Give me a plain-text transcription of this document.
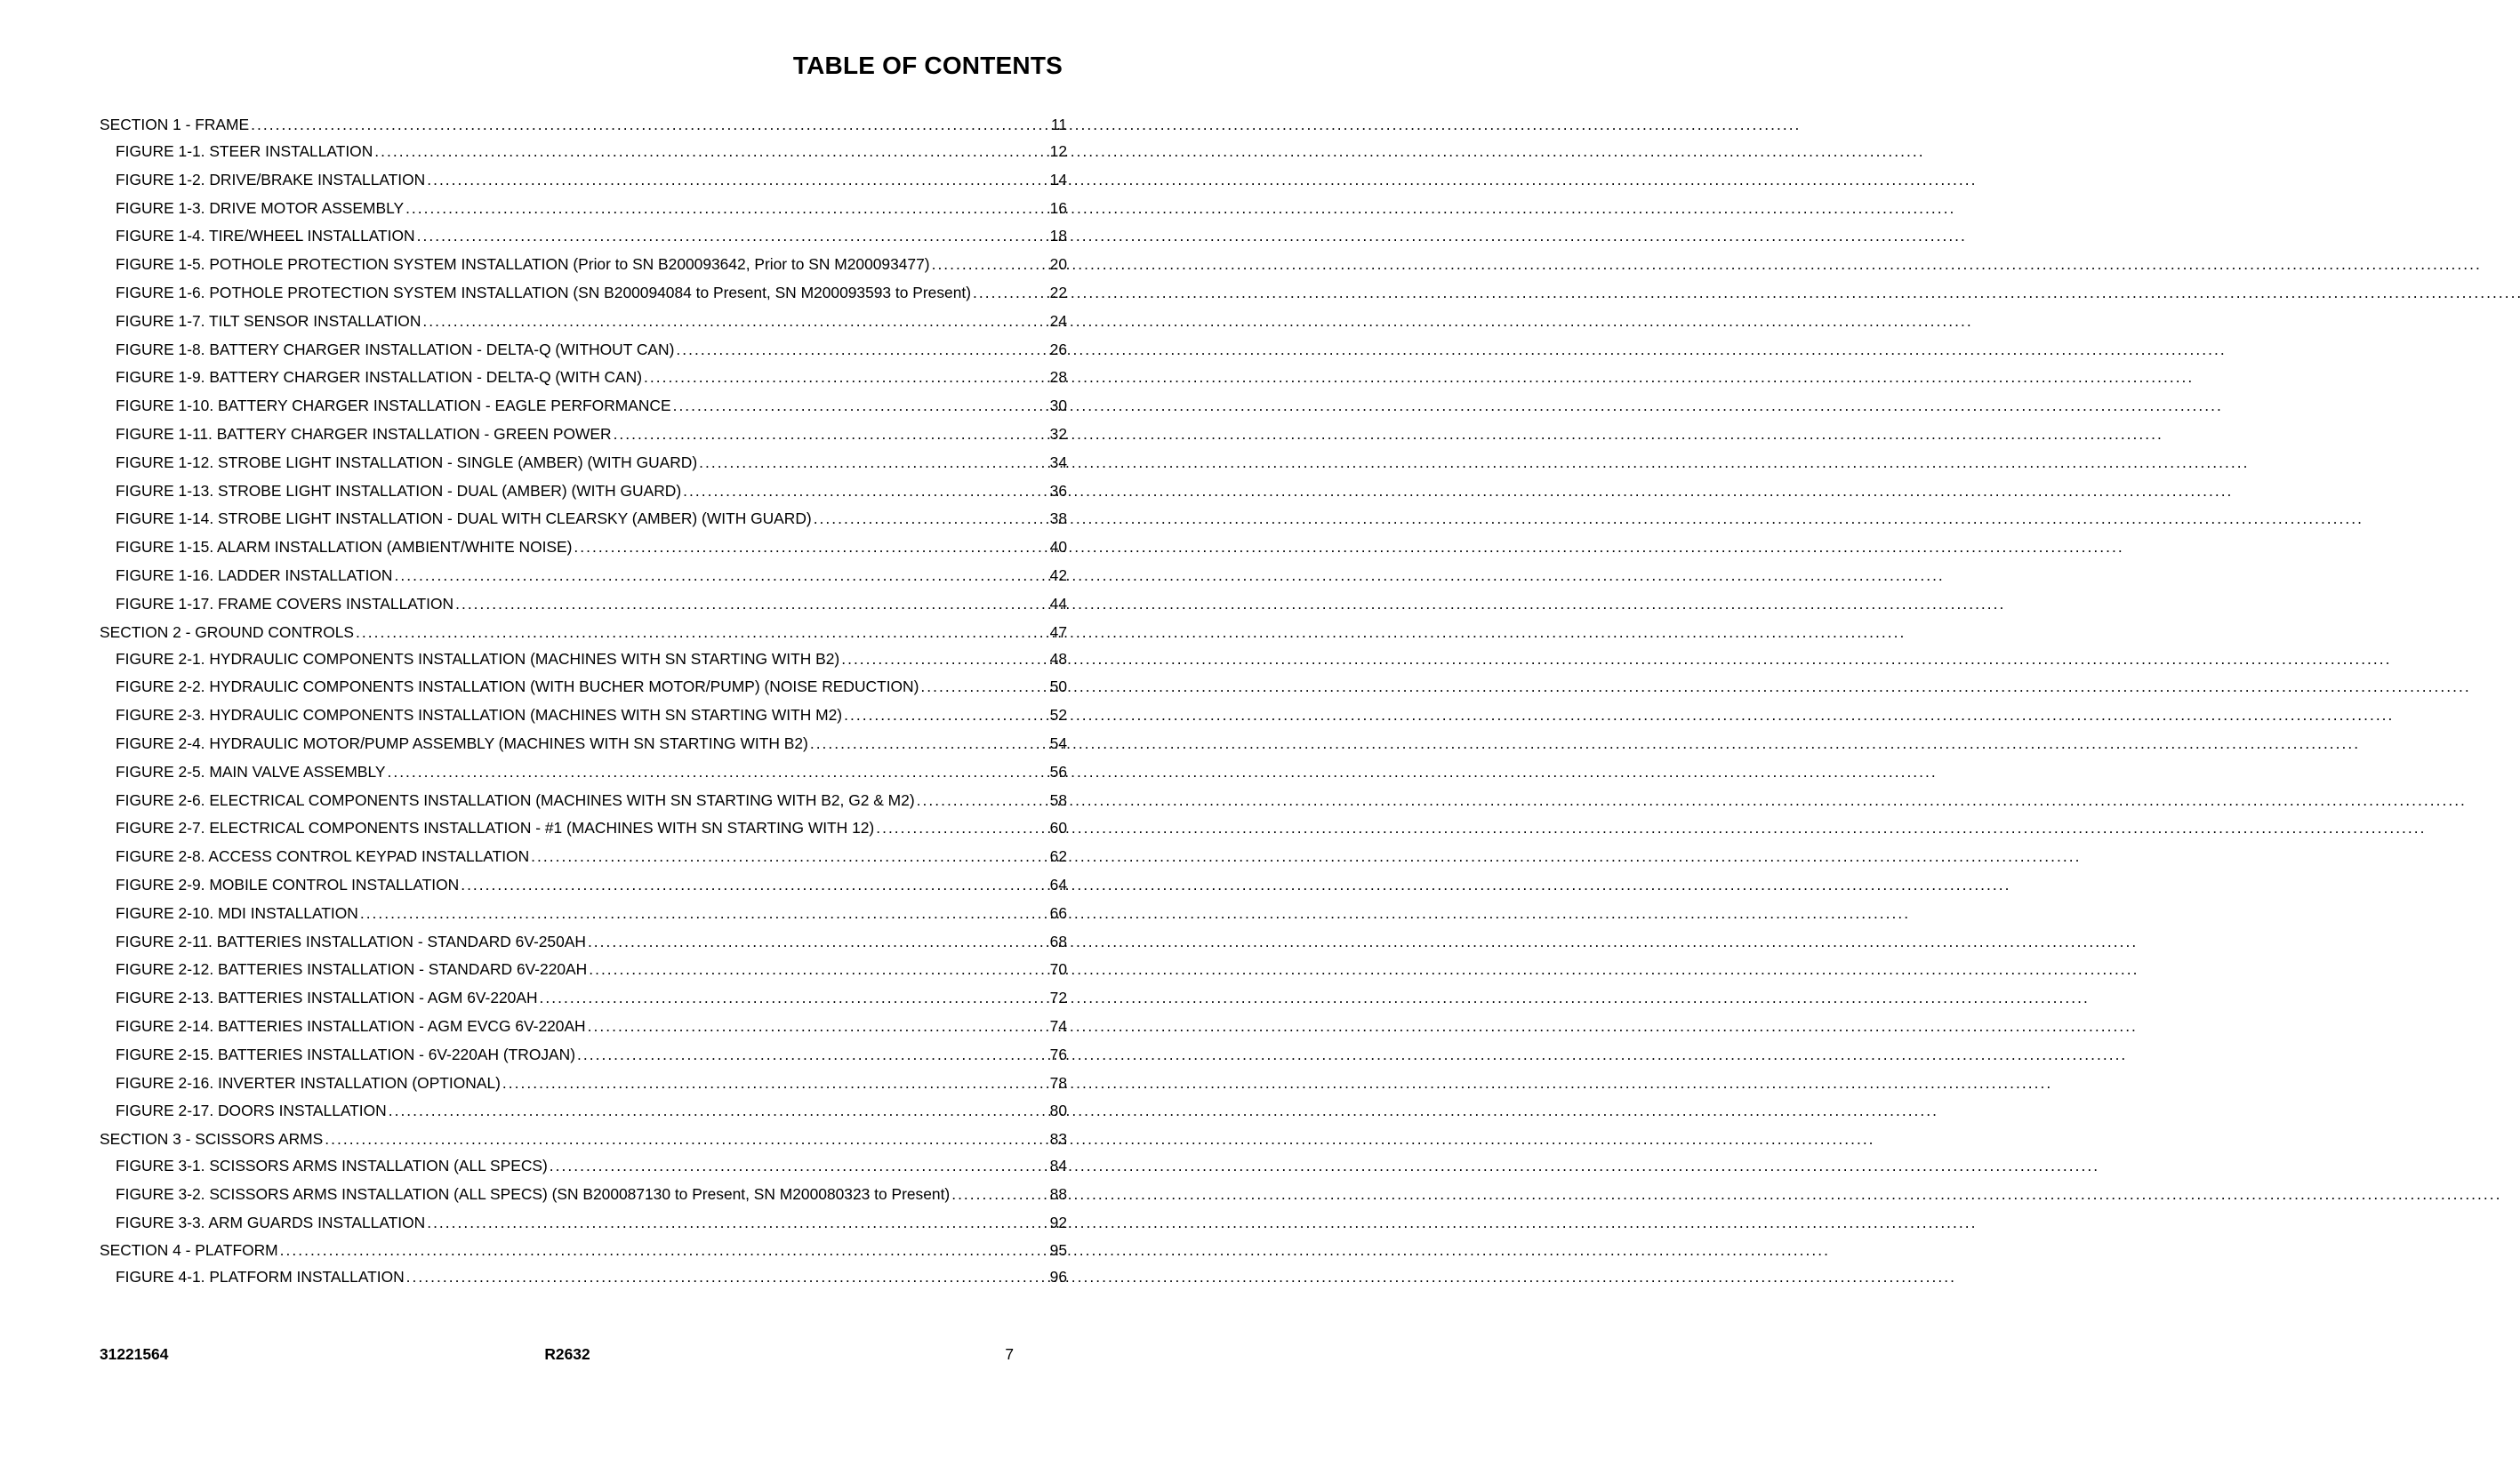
TABLE OF CONTENTS
SECTION 1 - FRAME . . .	11
FIGURE 1-1. STEER INSTALLATION . . .	12
FIGURE 1-2. DRIVE/BRAKE INSTALLATION . . .	14
FIGURE 1-3. DRIVE MOTOR ASSEMBLY . . .	16
FIGURE 1-4. TIRE/WHEEL INSTALLATION . . .	18
FIGURE 1-5. POTHOLE PROTECTION SYSTEM INSTALLATION (Prior to SN B200093642, Prior to SN M200093477) . . .	20
FIGURE 1-6. POTHOLE PROTECTION SYSTEM INSTALLATION (SN B200094084 to Present, SN M200093593 to Present) . . .	22
FIGURE 1-7. TILT SENSOR INSTALLATION . . .	24
FIGURE 1-8. BATTERY CHARGER INSTALLATION - DELTA-Q (WITHOUT CAN) . . .	26
FIGURE 1-9. BATTERY CHARGER INSTALLATION - DELTA-Q (WITH CAN) . . .	28
FIGURE 1-10. BATTERY CHARGER INSTALLATION - EAGLE PERFORMANCE . . .	30
FIGURE 1-11. BATTERY CHARGER INSTALLATION - GREEN POWER . . .	32
FIGURE 1-12. STROBE LIGHT INSTALLATION - SINGLE (AMBER) (WITH GUARD) . . .	34
FIGURE 1-13. STROBE LIGHT INSTALLATION - DUAL (AMBER) (WITH GUARD) . . .	36
FIGURE 1-14. STROBE LIGHT INSTALLATION - DUAL WITH CLEARSKY (AMBER) (WITH GUARD) . . .	38
FIGURE 1-15. ALARM INSTALLATION (AMBIENT/WHITE NOISE) . . .	40
FIGURE 1-16. LADDER INSTALLATION . . .	42
FIGURE 1-17. FRAME COVERS INSTALLATION . . .	44
SECTION 2 - GROUND CONTROLS . . .	47
FIGURE 2-1. HYDRAULIC COMPONENTS INSTALLATION (MACHINES WITH SN STARTING WITH B2) . . .	48
FIGURE 2-2. HYDRAULIC COMPONENTS INSTALLATION (WITH BUCHER MOTOR/PUMP) (NOISE REDUCTION) . . .	50
FIGURE 2-3. HYDRAULIC COMPONENTS INSTALLATION (MACHINES WITH SN STARTING WITH M2) . . .	52
FIGURE 2-4. HYDRAULIC MOTOR/PUMP ASSEMBLY (MACHINES WITH SN STARTING WITH B2) . . .	54
FIGURE 2-5. MAIN VALVE ASSEMBLY . . .	56
FIGURE 2-6. ELECTRICAL COMPONENTS INSTALLATION (MACHINES WITH SN STARTING WITH B2, G2 & M2) . . .	58
FIGURE 2-7. ELECTRICAL COMPONENTS INSTALLATION - #1 (MACHINES WITH SN STARTING WITH 12) . . .	60
FIGURE 2-8. ACCESS CONTROL KEYPAD INSTALLATION . . .	62
FIGURE 2-9. MOBILE CONTROL INSTALLATION . . .	64
FIGURE 2-10. MDI INSTALLATION . . .	66
FIGURE 2-11. BATTERIES INSTALLATION - STANDARD 6V-250AH . . .	68
FIGURE 2-12. BATTERIES INSTALLATION - STANDARD 6V-220AH . . .	70
FIGURE 2-13. BATTERIES INSTALLATION - AGM 6V-220AH . . .	72
FIGURE 2-14. BATTERIES INSTALLATION - AGM EVCG 6V-220AH . . .	74
FIGURE 2-15. BATTERIES INSTALLATION - 6V-220AH (TROJAN) . . .	76
FIGURE 2-16. INVERTER INSTALLATION (OPTIONAL) . . .	78
FIGURE 2-17. DOORS INSTALLATION . . .	80
SECTION 3 - SCISSORS ARMS . . .	83
FIGURE 3-1. SCISSORS ARMS INSTALLATION (ALL SPECS) . . .	84
FIGURE 3-2. SCISSORS ARMS INSTALLATION (ALL SPECS) (SN B200087130 to Present, SN M200080323 to Present) . . .	88
FIGURE 3-3. ARM GUARDS INSTALLATION . . .	92
SECTION 4 - PLATFORM . . .	95
FIGURE 4-1. PLATFORM INSTALLATION . . .	96
31221564	R2632	7
